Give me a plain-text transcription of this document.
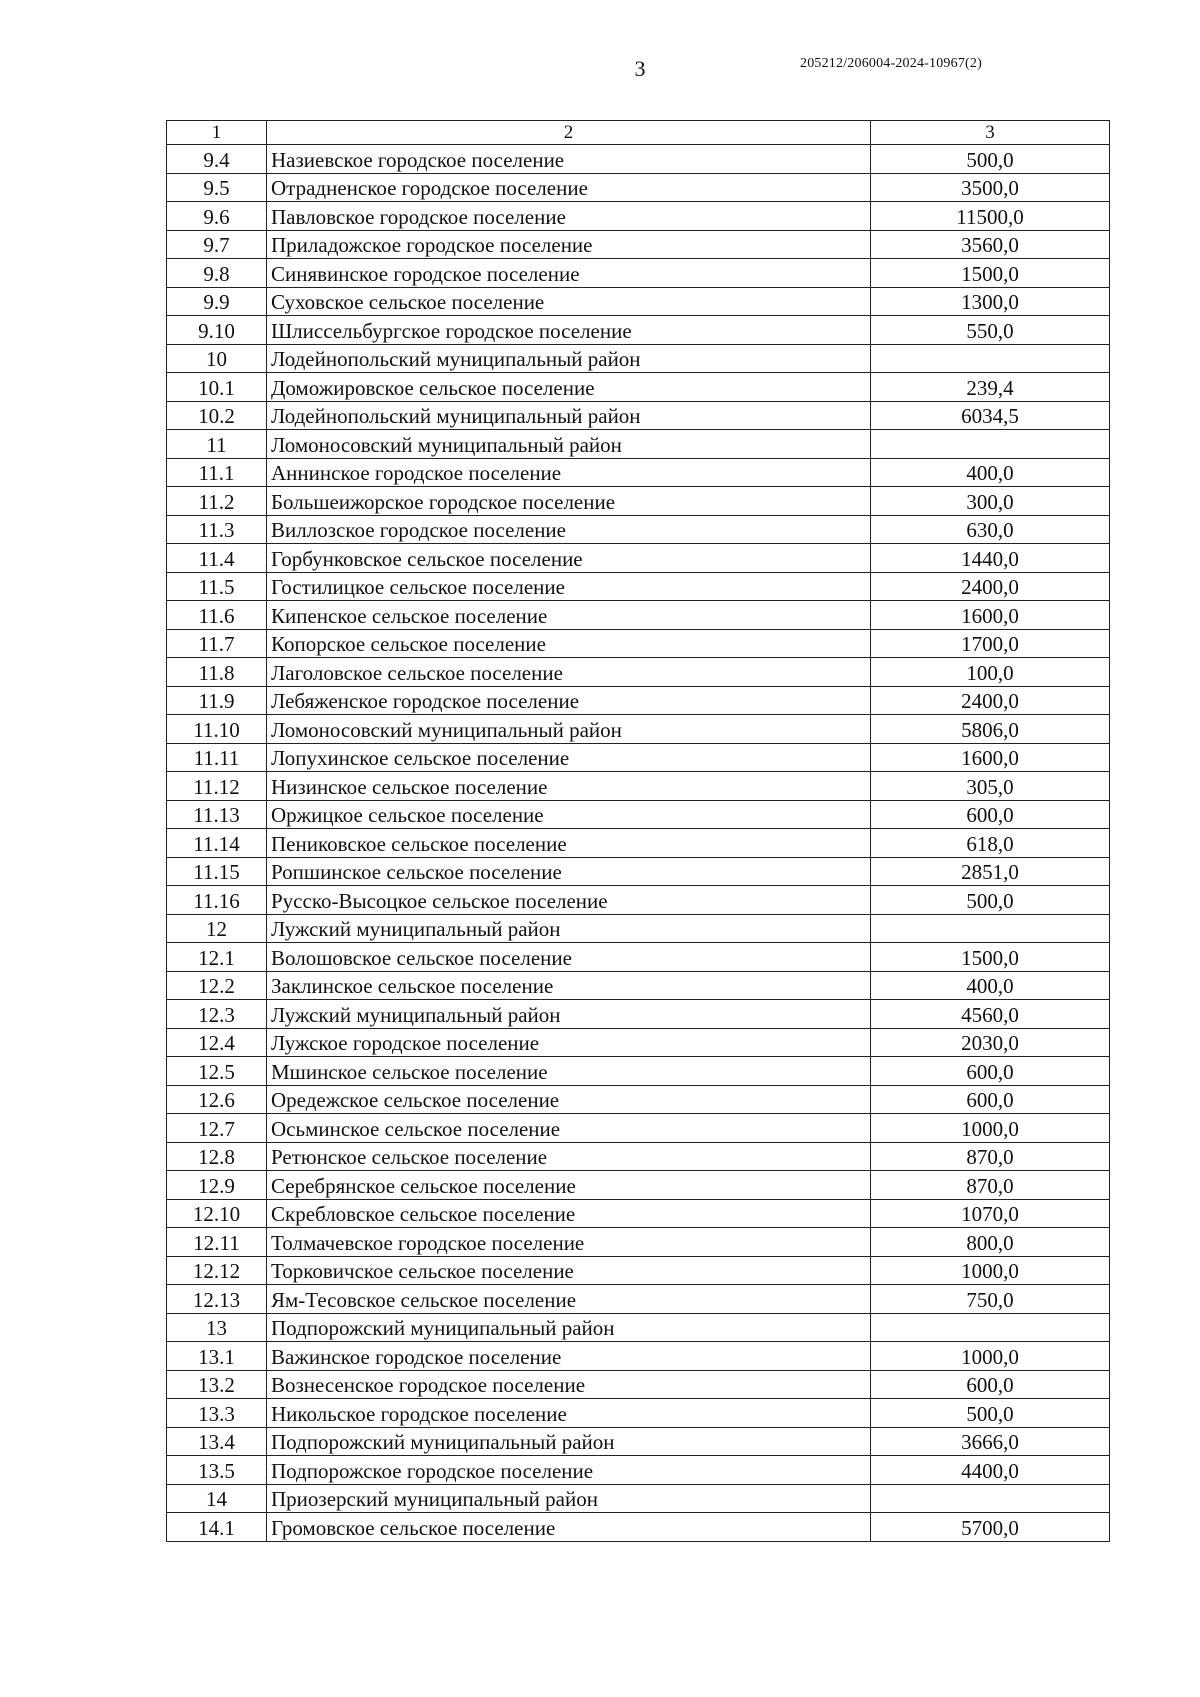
3	205212/206004-2024-10967(2)
1	2	3
9.4	Назиевское городское поселение	500,0
9.5	Отрадненское городское поселение	3500,0
9.6	Павловское городское поселение	11500,0
9.7	Приладожское городское поселение	3560,0
9.8	Синявинское городское поселение	1500,0
9.9	Суховское сельское поселение	1300,0
9.10	Шлиссельбургское городское поселение	550,0
10	Лодейнопольский муниципальный район	
10.1	Доможировское сельское поселение	239,4
10.2	Лодейнопольский муниципальный район	6034,5
11	Ломоносовский муниципальный район	
11.1	Аннинское городское поселение	400,0
11.2	Большеижорское городское поселение	300,0
11.3	Виллозское городское поселение	630,0
11.4	Горбунковское сельское поселение	1440,0
11.5	Гостилицкое сельское поселение	2400,0
11.6	Кипенское сельское поселение	1600,0
11.7	Копорское сельское поселение	1700,0
11.8	Лаголовское сельское поселение	100,0
11.9	Лебяженское городское поселение	2400,0
11.10	Ломоносовский муниципальный район	5806,0
11.11	Лопухинское сельское поселение	1600,0
11.12	Низинское сельское поселение	305,0
11.13	Оржицкое сельское поселение	600,0
11.14	Пениковское сельское поселение	618,0
11.15	Ропшинское сельское поселение	2851,0
11.16	Русско-Высоцкое сельское поселение	500,0
12	Лужский муниципальный район	
12.1	Волошовское сельское поселение	1500,0
12.2	Заклинское сельское поселение	400,0
12.3	Лужский муниципальный район	4560,0
12.4	Лужское городское поселение	2030,0
12.5	Мшинское сельское поселение	600,0
12.6	Оредежское сельское поселение	600,0
12.7	Осьминское сельское поселение	1000,0
12.8	Ретюнское сельское поселение	870,0
12.9	Серебрянское сельское поселение	870,0
12.10	Скребловское сельское поселение	1070,0
12.11	Толмачевское городское поселение	800,0
12.12	Торковичское сельское поселение	1000,0
12.13	Ям-Тесовское сельское поселение	750,0
13	Подпорожский муниципальный район	
13.1	Важинское городское поселение	1000,0
13.2	Вознесенское городское поселение	600,0
13.3	Никольское городское поселение	500,0
13.4	Подпорожский муниципальный район	3666,0
13.5	Подпорожское городское поселение	4400,0
14	Приозерский муниципальный район	
14.1	Громовское сельское поселение	5700,0
